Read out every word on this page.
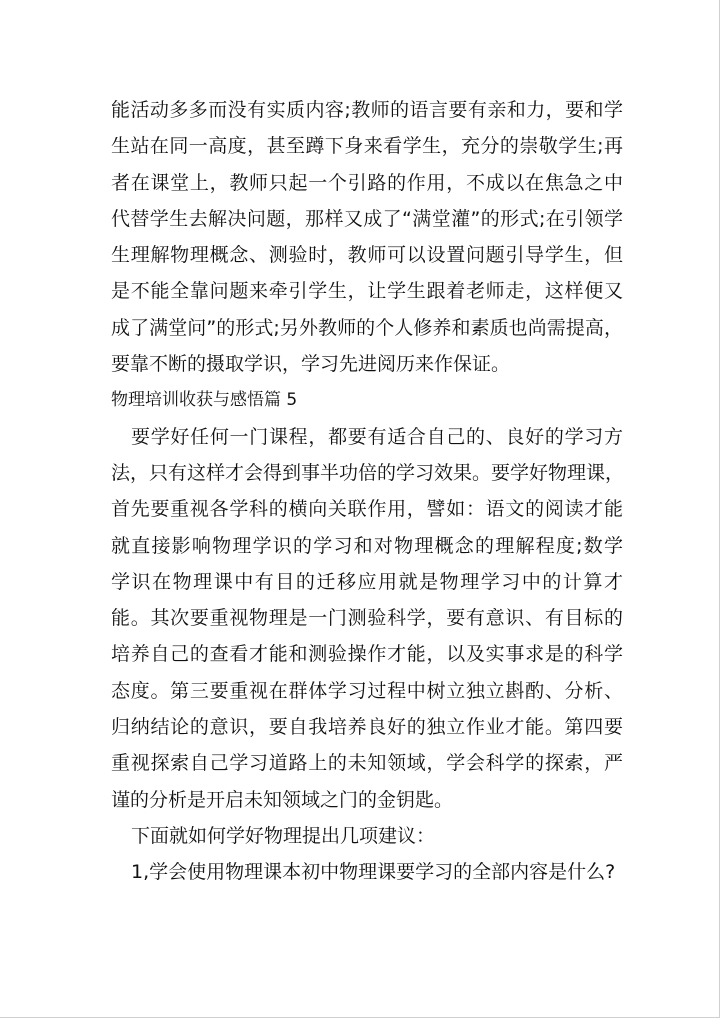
能活动多多而没有实质内容;教师的语言要有亲和力，要和学
生站在同一高度，甚至蹲下身来看学生，充分的崇敬学生;再
者在课堂上，教师只起一个引路的作用，不成以在焦急之中
代替学生去解决问题，那样又成了“满堂灌”的形式;在引领学
生理解物理概念、测验时，教师可以设置问题引导学生，但
是不能全靠问题来牵引学生，让学生跟着老师走，这样便又
成了满堂问”的形式;另外教师的个人修养和素质也尚需提高，
要靠不断的摄取学识，学习先进阅历来作保证。
物理培训收获与感悟篇 5
要学好任何一门课程，都要有适合自己的、良好的学习方
法，只有这样才会得到事半功倍的学习效果。要学好物理课，
首先要重视各学科的横向关联作用，譬如：语文的阅读才能
就直接影响物理学识的学习和对物理概念的理解程度;数学
学识在物理课中有目的迁移应用就是物理学习中的计算才
能。其次要重视物理是一门测验科学，要有意识、有目标的
培养自己的查看才能和测验操作才能，以及实事求是的科学
态度。第三要重视在群体学习过程中树立独立斟酌、分析、
归纳结论的意识，要自我培养良好的独立作业才能。第四要
重视探索自己学习道路上的未知领域，学会科学的探索，严
谨的分析是开启未知领域之门的金钥匙。
下面就如何学好物理提出几项建议：
1,学会使用物理课本初中物理课要学习的全部内容是什么?
